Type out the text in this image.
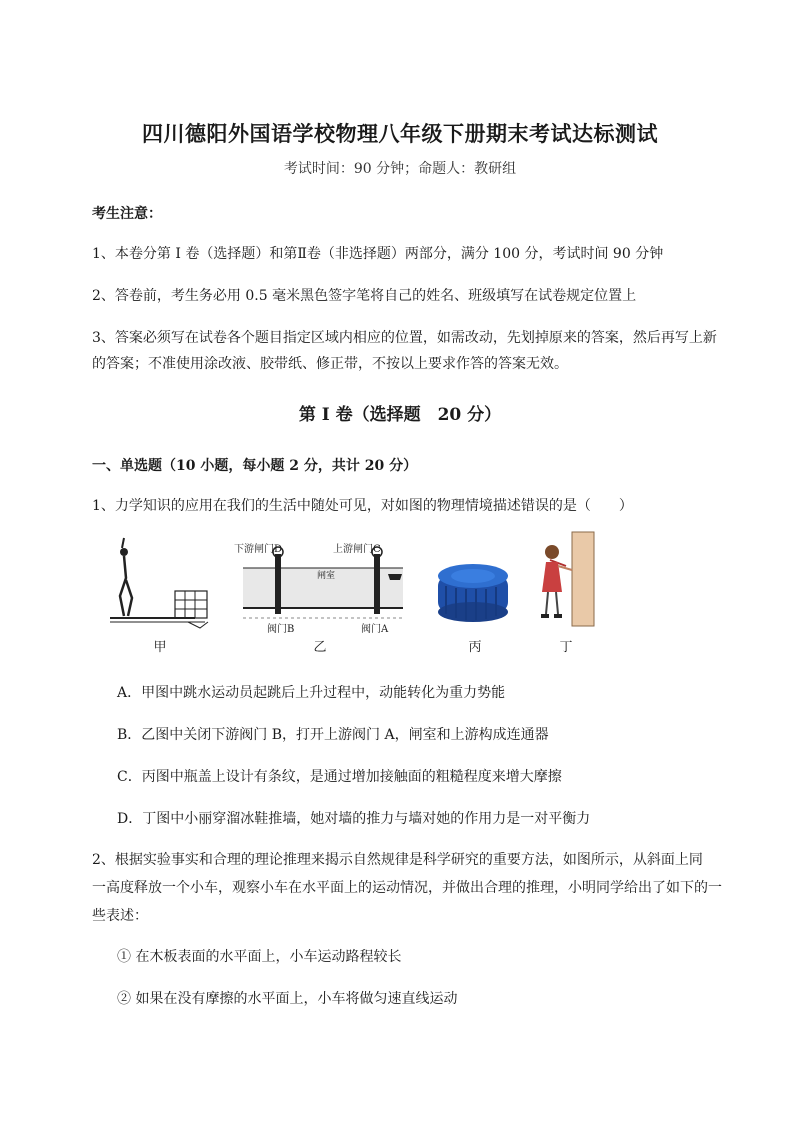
四川德阳外国语学校物理八年级下册期末考试达标测试
考试时间：90 分钟；命题人：教研组
考生注意：
1、本卷分第 I 卷（选择题）和第Ⅱ卷（非选择题）两部分，满分 100 分，考试时间 90 分钟
2、答卷前，考生务必用 0.5 毫米黑色签字笔将自己的姓名、班级填写在试卷规定位置上
3、答案必须写在试卷各个题目指定区域内相应的位置，如需改动，先划掉原来的答案，然后再写上新
的答案；不准使用涂改液、胶带纸、修正带，不按以上要求作答的答案无效。
第 I 卷（选择题　20 分）
一、单选题（10 小题，每小题 2 分，共计 20 分）
1、力学知识的应用在我们的生活中随处可见，对如图的物理情境描述错误的是（　　）
甲
闸室
下游闸门D	上游闸门C
阀门B	阀门A
乙	丙	丁
A．甲图中跳水运动员起跳后上升过程中，动能转化为重力势能
B．乙图中关闭下游阀门 B，打开上游阀门 A，闸室和上游构成连通器
C．丙图中瓶盖上设计有条纹，是通过增加接触面的粗糙程度来增大摩擦
D．丁图中小丽穿溜冰鞋推墙，她对墙的推力与墙对她的作用力是一对平衡力
2、根据实验事实和合理的理论推理来揭示自然规律是科学研究的重要方法，如图所示，从斜面上同
一高度释放一个小车，观察小车在水平面上的运动情况，并做出合理的推理，小明同学给出了如下的一
些表述：
① 在木板表面的水平面上，小车运动路程较长
② 如果在没有摩擦的水平面上，小车将做匀速直线运动
